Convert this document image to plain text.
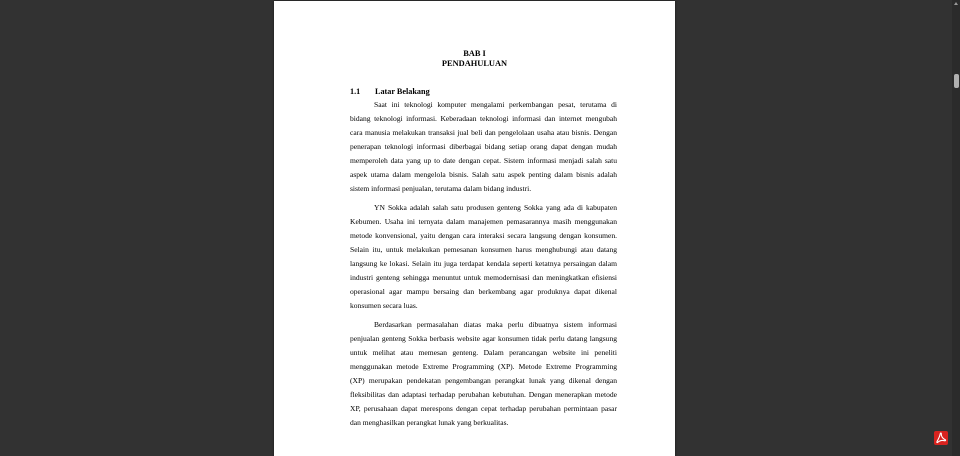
BAB I
PENDAHULUAN
1.1 Latar Belakang

Saat ini teknologi komputer mengalami perkembangan pesat, terutama di bidang teknologi informasi. Keberadaan teknologi informasi dan internet mengubah cara manusia melakukan transaksi jual beli dan pengelolaan usaha atau bisnis. Dengan penerapan teknologi informasi diberbagai bidang setiap orang dapat dengan mudah memperoleh data yang up to date dengan cepat. Sistem informasi menjadi salah satu aspek utama dalam mengelola bisnis. Salah satu aspek penting dalam bisnis adalah sistem informasi penjualan, terutama dalam bidang industri.

YN Sokka adalah salah satu produsen genteng Sokka yang ada di kabupaten Kebumen. Usaha ini ternyata dalam manajemen pemasarannya masih menggunakan metode konvensional, yaitu dengan cara interaksi secara langsung dengan konsumen. Selain itu, untuk melakukan pemesanan konsumen harus menghubungi atau datang langsung ke lokasi. Selain itu juga terdapat kendala seperti ketatnya persaingan dalam industri genteng sehingga menuntut untuk memodernisasi dan meningkatkan efisiensi operasional agar mampu bersaing dan berkembang agar produknya dapat dikenal konsumen secara luas.

Berdasarkan permasalahan diatas maka perlu dibuatnya sistem informasi penjualan genteng Sokka berbasis website agar konsumen tidak perlu datang langsung untuk melihat atau memesan genteng. Dalam perancangan website ini peneliti menggunakan metode Extreme Programming (XP). Metode Extreme Programming (XP) merupakan pendekatan pengembangan perangkat lunak yang dikenal dengan fleksibilitas dan adaptasi terhadap perubahan kebutuhan. Dengan menerapkan metode XP, perusahaan dapat merespons dengan cepat terhadap perubahan permintaan pasar dan menghasilkan perangkat lunak yang berkualitas.
